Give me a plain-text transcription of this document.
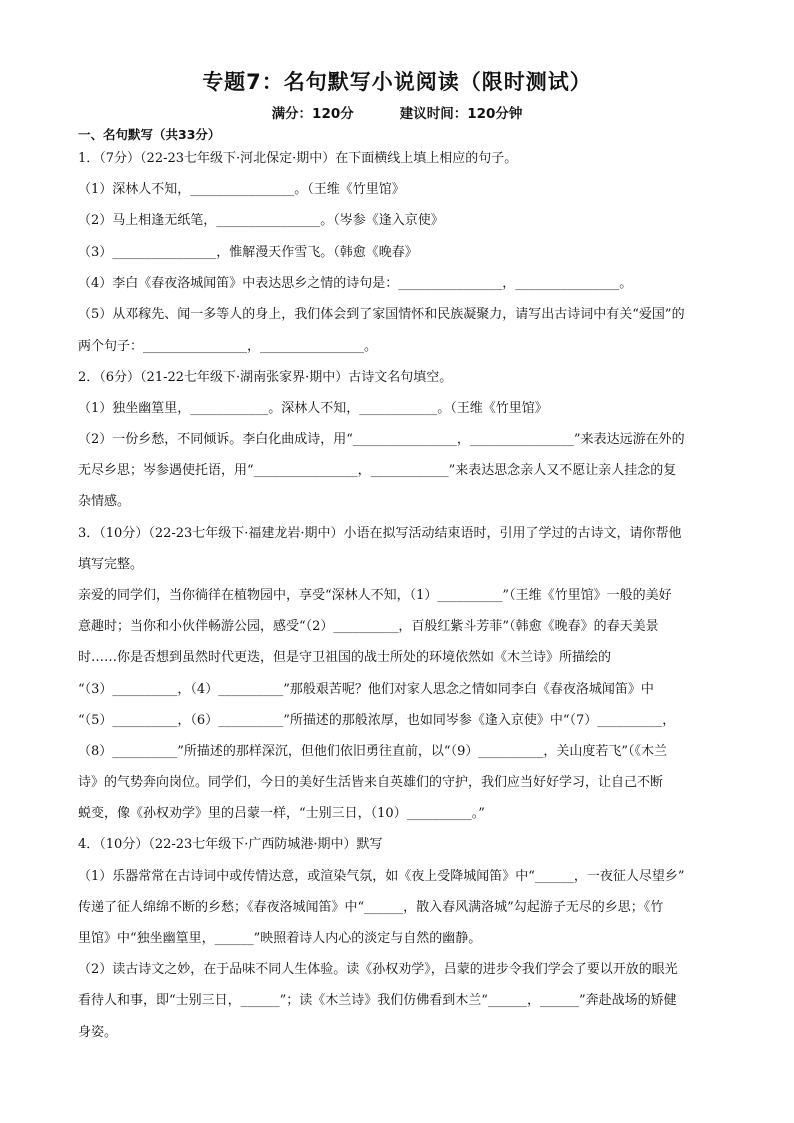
专题7：名句默写小说阅读（限时测试）
满分：120分	建议时间：120分钟
一、名句默写（共33分）
1．（7分）（22-23七年级下·河北保定·期中）在下面横线上填上相应的句子。
（1）深林人不知，________________。（王维《竹里馆》
（2）马上相逢无纸笔，________________。（岑参《逢入京使》
（3）________________，惟解漫天作雪飞。（韩愈《晚春》
（4）李白《春夜洛城闻笛》中表达思乡之情的诗句是：________________，________________。
（5）从邓稼先、闻一多等人的身上，我们体会到了家国情怀和民族凝聚力，请写出古诗词中有关“爱国”的
两个句子：________________，________________。
2．（6分）（21-22七年级下·湖南张家界·期中）古诗文名句填空。
（1）独坐幽篁里，____________。深林人不知，____________。（王维《竹里馆》
（2）一份乡愁，不同倾诉。李白化曲成诗，用“________________，________________”来表达远游在外的
无尽乡思；岑参遇使托语，用“________________，____________”来表达思念亲人又不愿让亲人挂念的复
杂情感。
3．（10分）（22-23七年级下·福建龙岩·期中）小语在拟写活动结束语时，引用了学过的古诗文，请你帮他
填写完整。
亲爱的同学们，当你徜徉在植物园中，享受“深林人不知，（1）__________”（王维《竹里馆》一般的美好
意趣时；当你和小伙伴畅游公园，感受“（2）__________，百般红紫斗芳菲”（韩愈《晚春》的春天美景
时……你是否想到虽然时代更迭，但是守卫祖国的战士所处的环境依然如《木兰诗》所描绘的
“（3）__________，（4）__________”那般艰苦呢？他们对家人思念之情如同李白《春夜洛城闻笛》中
“（5）__________，（6）__________”所描述的那般浓厚，也如同岑参《逢入京使》中“（7）__________，
（8）__________”所描述的那样深沉，但他们依旧勇往直前，以“（9）__________，关山度若飞”（《木兰
诗》的气势奔向岗位。同学们，今日的美好生活皆来自英雄们的守护，我们应当好好学习，让自己不断
蜕变，像《孙权劝学》里的吕蒙一样，“士别三日，（10）__________。”
4．（10分）（22-23七年级下·广西防城港·期中）默写
（1）乐器常常在古诗词中或传情达意，或渲染气氛，如《夜上受降城闻笛》中“______，一夜征人尽望乡”
传递了征人绵绵不断的乡愁；《春夜洛城闻笛》中“______，散入春风满洛城”勾起游子无尽的乡思；《竹
里馆》中“独坐幽篁里，______”映照着诗人内心的淡定与自然的幽静。
（2）读古诗文之妙，在于品味不同人生体验。读《孙权劝学》，吕蒙的进步令我们学会了要以开放的眼光
看待人和事，即“士别三日，______”；读《木兰诗》我们仿佛看到木兰“______，______”奔赴战场的矫健
身姿。
